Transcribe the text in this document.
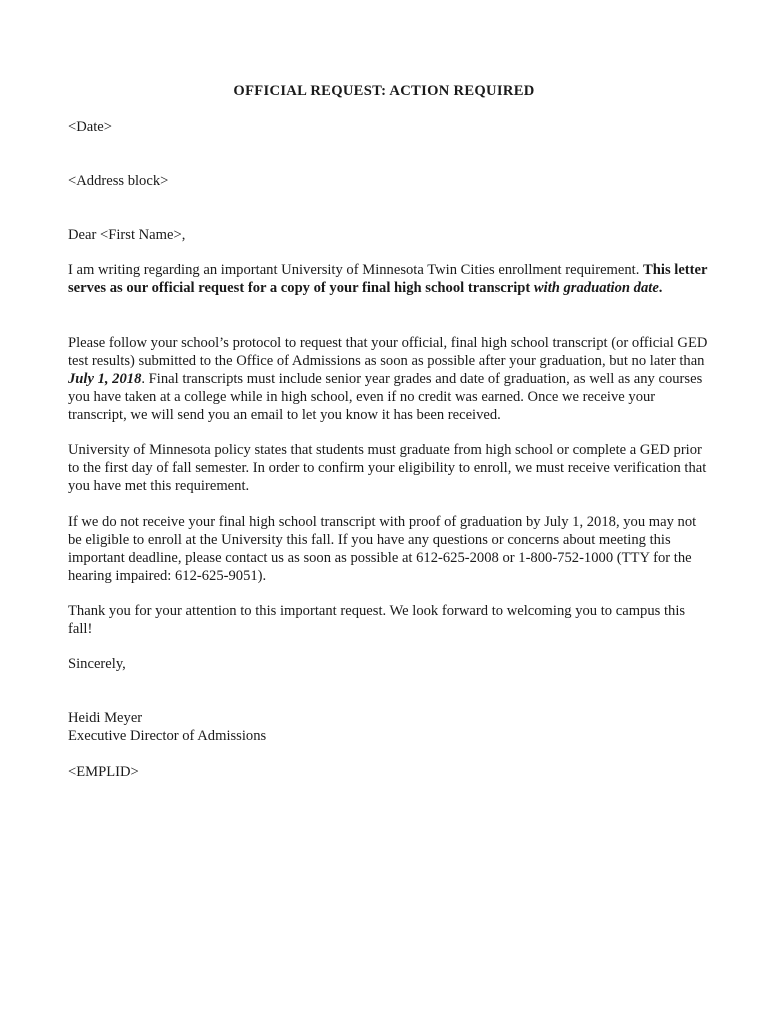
OFFICIAL REQUEST: ACTION REQUIRED

<Date>

<Address block>

Dear <First Name>,

I am writing regarding an important University of Minnesota Twin Cities enrollment requirement. This letter serves as our official request for a copy of your final high school transcript with graduation date.

Please follow your school’s protocol to request that your official, final high school transcript (or official GED test results) submitted to the Office of Admissions as soon as possible after your graduation, but no later than July 1, 2018. Final transcripts must include senior year grades and date of graduation, as well as any courses you have taken at a college while in high school, even if no credit was earned. Once we receive your transcript, we will send you an email to let you know it has been received.

University of Minnesota policy states that students must graduate from high school or complete a GED prior to the first day of fall semester. In order to confirm your eligibility to enroll, we must receive verification that you have met this requirement.

If we do not receive your final high school transcript with proof of graduation by July 1, 2018, you may not be eligible to enroll at the University this fall. If you have any questions or concerns about meeting this important deadline, please contact us as soon as possible at 612-625-2008 or 1-800-752-1000 (TTY for the hearing impaired: 612-625-9051).

Thank you for your attention to this important request. We look forward to welcoming you to campus this fall!

Sincerely,

Heidi Meyer

Executive Director of Admissions

<EMPLID>
